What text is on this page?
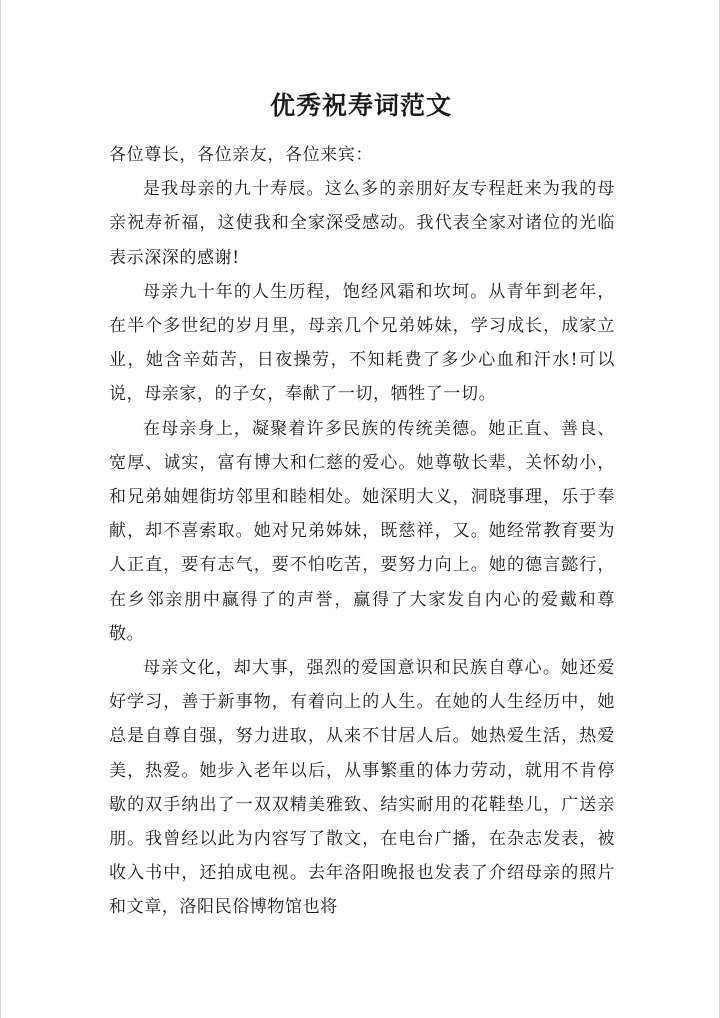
优秀祝寿词范文

各位尊长，各位亲友，各位来宾：

是我母亲的九十寿辰。这么多的亲朋好友专程赶来为我的母亲祝寿祈福，这使我和全家深受感动。我代表全家对诸位的光临表示深深的感谢!

母亲九十年的人生历程，饱经风霜和坎坷。从青年到老年，在半个多世纪的岁月里，母亲几个兄弟姊妹，学习成长，成家立业，她含辛茹苦，日夜操劳，不知耗费了多少心血和汗水!可以说，母亲家，的子女，奉献了一切，牺牲了一切。

在母亲身上，凝聚着许多民族的传统美德。她正直、善良、宽厚、诚实，富有博大和仁慈的爱心。她尊敬长辈，关怀幼小，和兄弟妯娌街坊邻里和睦相处。她深明大义，洞晓事理，乐于奉献，却不喜索取。她对兄弟姊妹，既慈祥，又。她经常教育要为人正直，要有志气，要不怕吃苦，要努力向上。她的德言懿行，在乡邻亲朋中赢得了的声誉，赢得了大家发自内心的爱戴和尊敬。

母亲文化，却大事，强烈的爱国意识和民族自尊心。她还爱好学习，善于新事物，有着向上的人生。在她的人生经历中，她总是自尊自强，努力进取，从来不甘居人后。她热爱生活，热爱美，热爱。她步入老年以后，从事繁重的体力劳动，就用不肯停歇的双手纳出了一双双精美雅致、结实耐用的花鞋垫儿，广送亲朋。我曾经以此为内容写了散文，在电台广播，在杂志发表，被收入书中，还拍成电视。去年洛阳晚报也发表了介绍母亲的照片和文章，洛阳民俗博物馆也将
